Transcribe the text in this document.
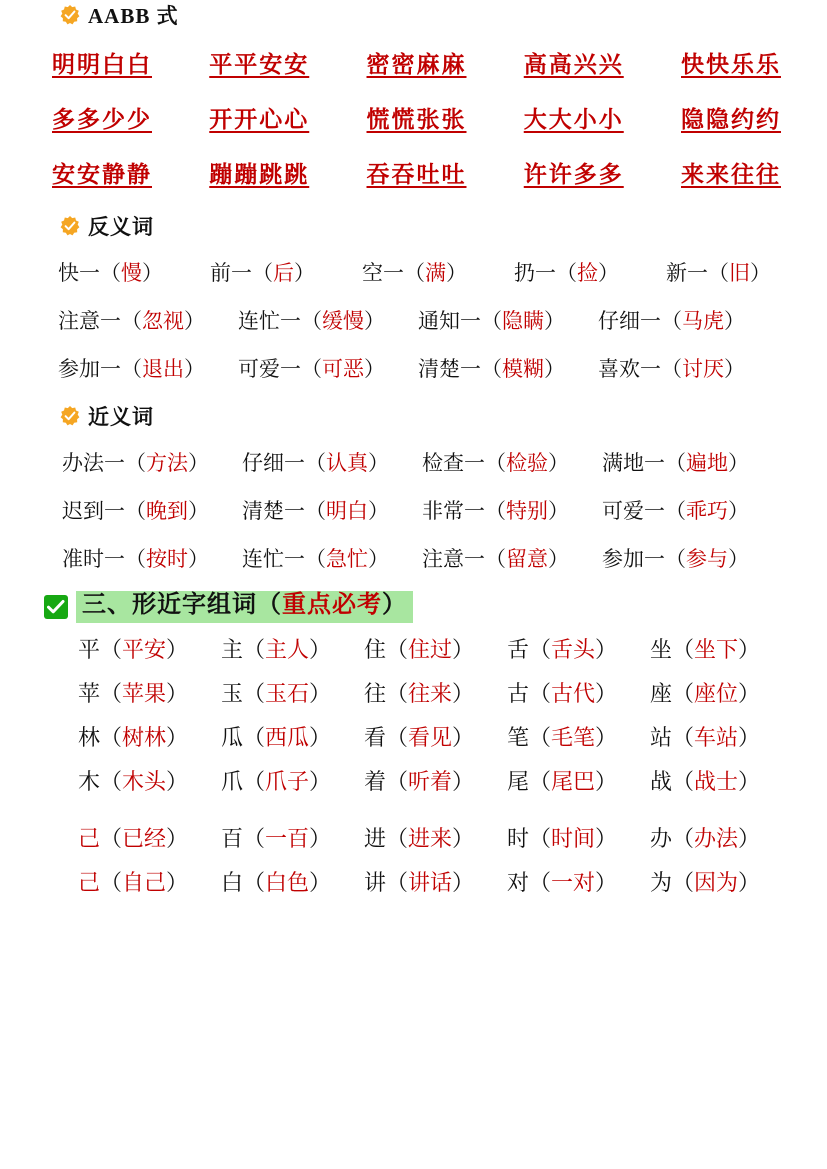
AABB 式
明明白白 平平安安 密密麻麻 高高兴兴 快快乐乐
多多少少 开开心心 慌慌张张 大大小小 隐隐约约
安安静静 蹦蹦跳跳 吞吞吐吐 许许多多 来来往往
反义词
快一（慢）	前一（后）	空一（满）	扔一（捡）	新一（旧）
注意一（忽视）	连忙一（缓慢）	通知一（隐瞒）	仔细一（马虎）
参加一（退出）	可爱一（可恶）	清楚一（模糊）	喜欢一（讨厌）
近义词
办法一（方法）	仔细一（认真）	检查一（检验）	满地一（遍地）
迟到一（晚到）	清楚一（明白）	非常一（特别）	可爱一（乖巧）
准时一（按时）	连忙一（急忙）	注意一（留意）	参加一（参与）
三、形近字组词（重点必考）
平（平安）	主（主人）	住（住过）	舌（舌头）	坐（坐下）
苹（苹果）	玉（玉石）	往（往来）	古（古代）	座（座位）
林（树林）	瓜（西瓜）	看（看见）	笔（毛笔）	站（车站）
木（木头）	爪（爪子）	着（听着）	尾（尾巴）	战（战士）
己（已经）	百（一百）	进（进来）	时（时间）	办（办法）
己（自己）	白（白色）	讲（讲话）	对（一对）	为（因为）
